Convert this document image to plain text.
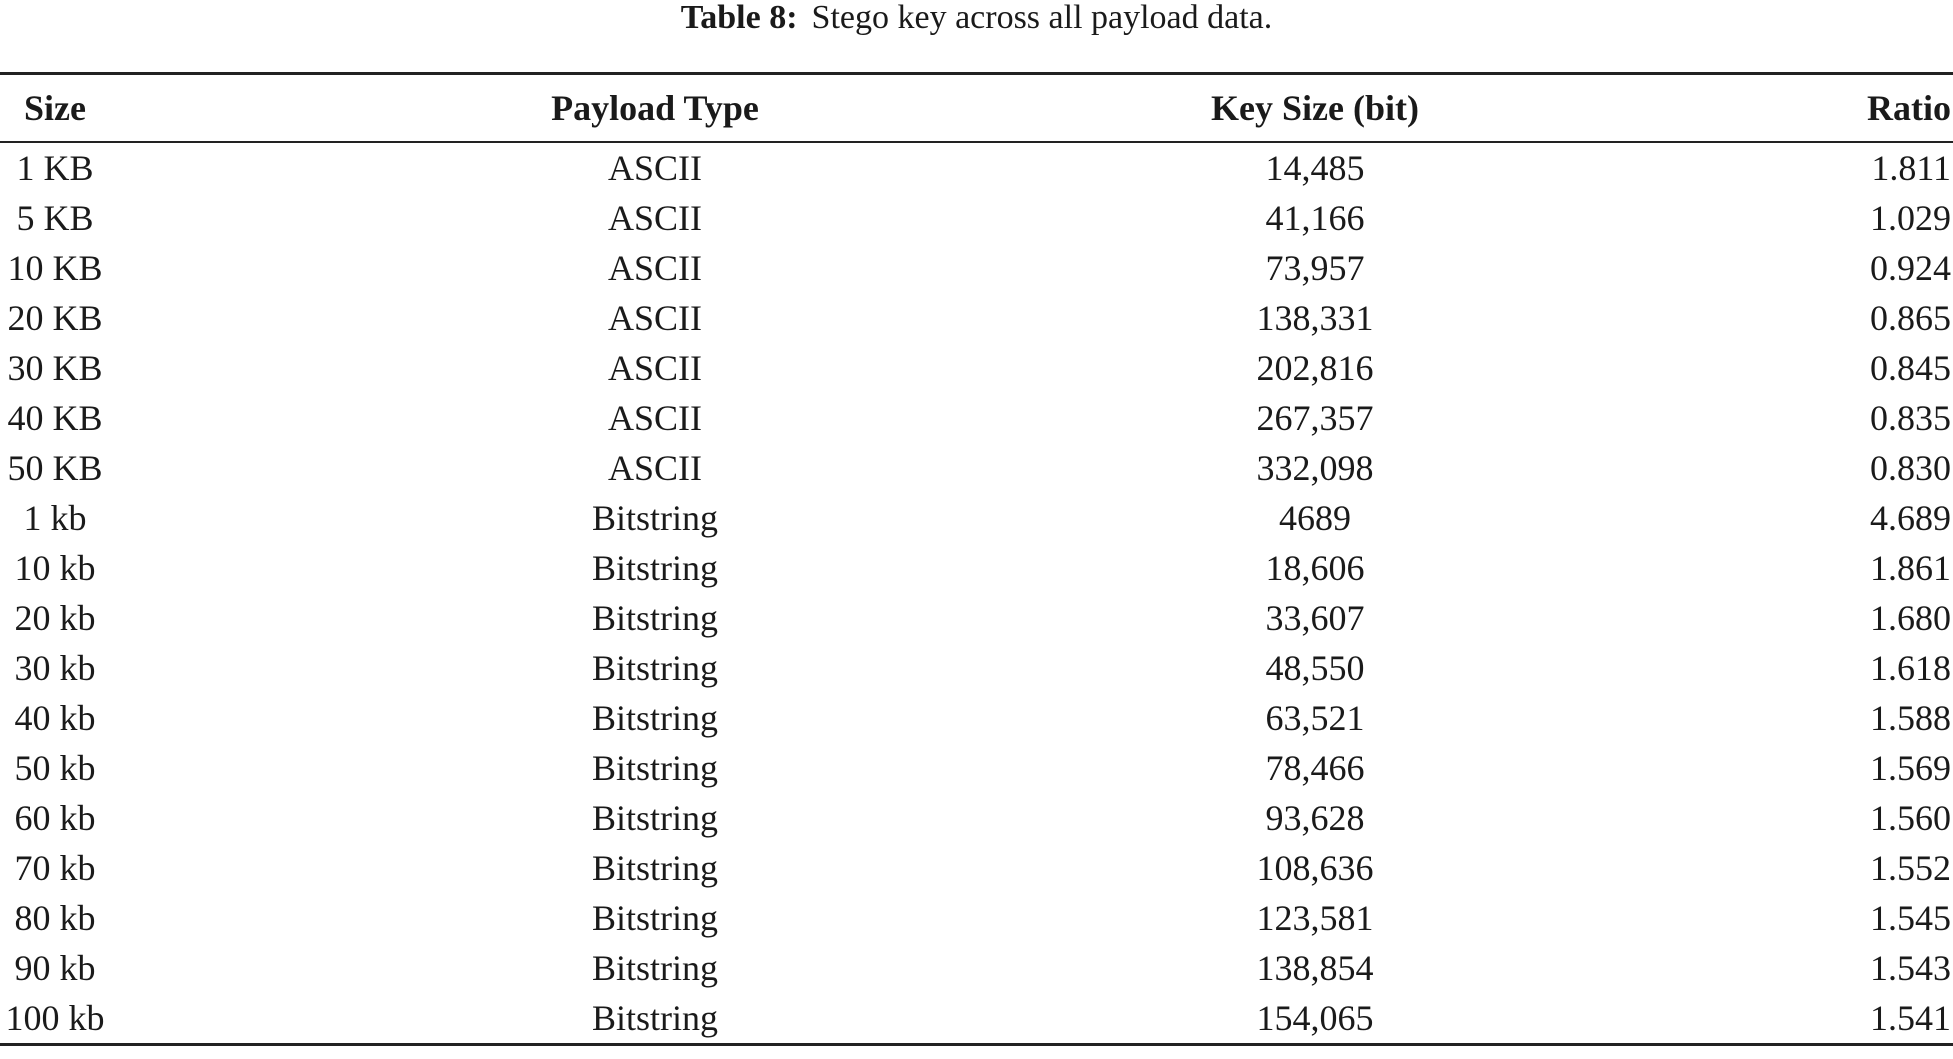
Table 8: Stego key across all payload data.
Size	Payload Type	Key Size (bit)	Ratio
1 KB	ASCII	14,485	1.811
5 KB	ASCII	41,166	1.029
10 KB	ASCII	73,957	0.924
20 KB	ASCII	138,331	0.865
30 KB	ASCII	202,816	0.845
40 KB	ASCII	267,357	0.835
50 KB	ASCII	332,098	0.830
1 kb	Bitstring	4689	4.689
10 kb	Bitstring	18,606	1.861
20 kb	Bitstring	33,607	1.680
30 kb	Bitstring	48,550	1.618
40 kb	Bitstring	63,521	1.588
50 kb	Bitstring	78,466	1.569
60 kb	Bitstring	93,628	1.560
70 kb	Bitstring	108,636	1.552
80 kb	Bitstring	123,581	1.545
90 kb	Bitstring	138,854	1.543
100 kb	Bitstring	154,065	1.541
